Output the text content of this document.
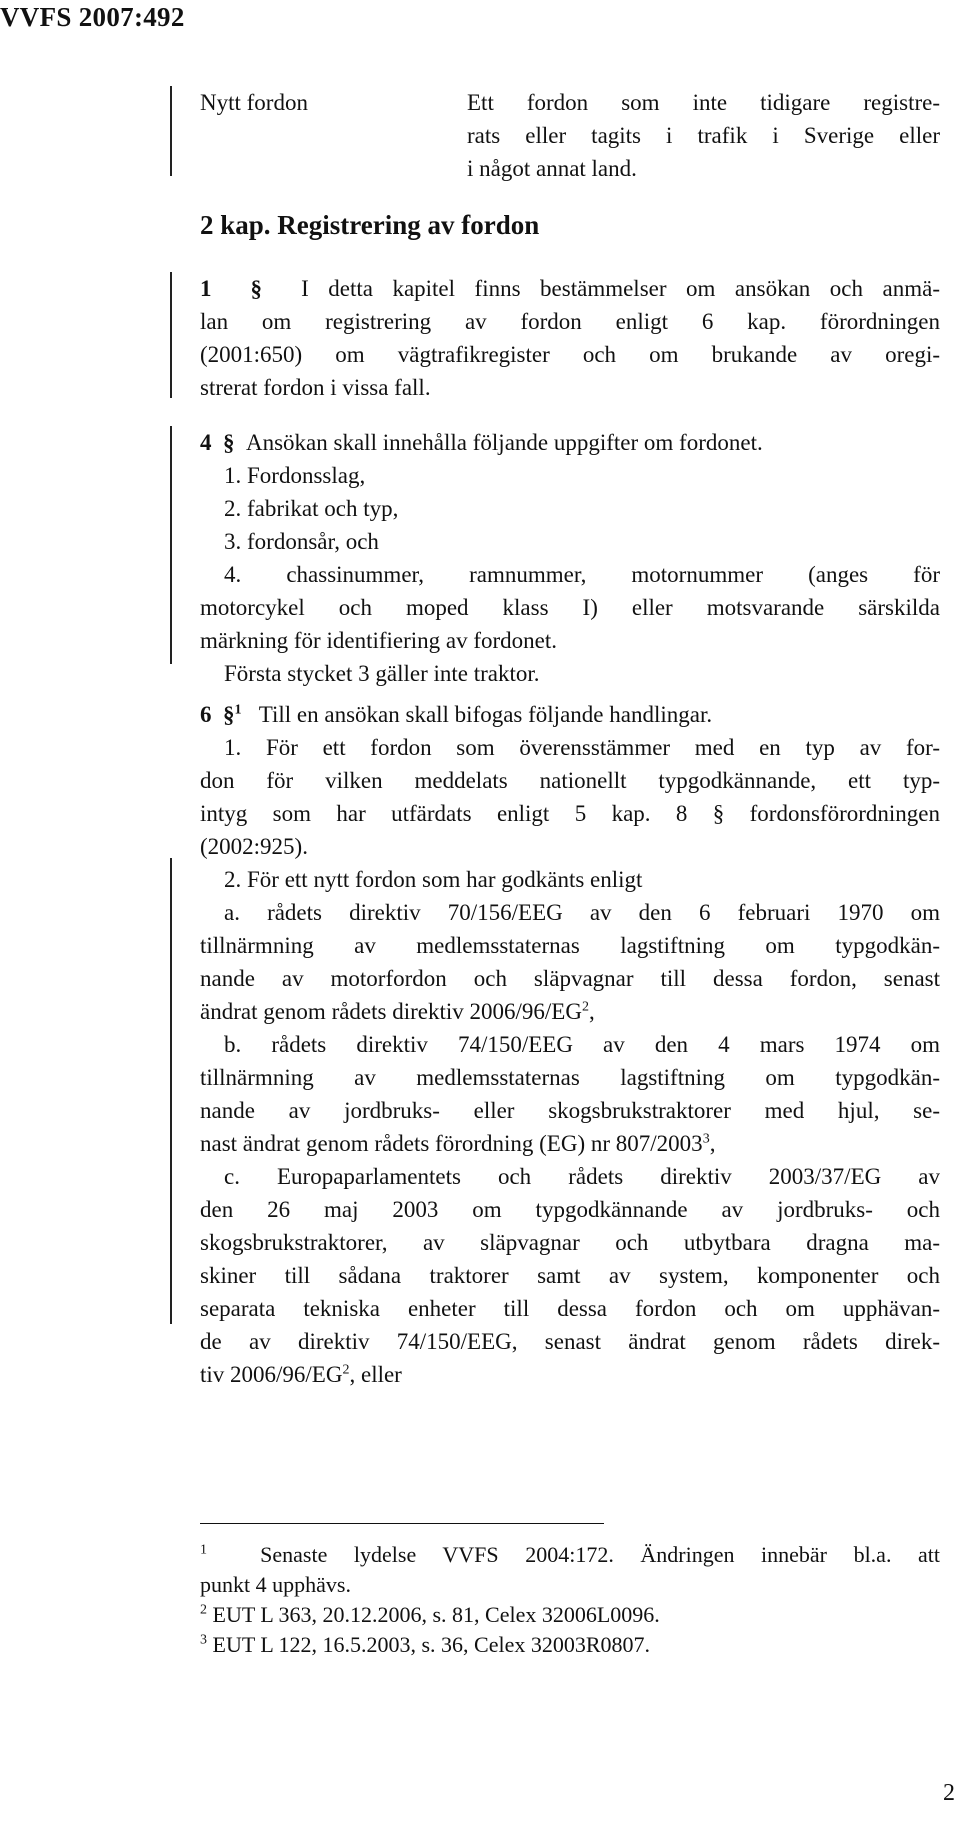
VVFS 2007:492
Nytt fordon	Ett fordon som inte tidigare registre-
rats eller tagits i trafik i Sverige eller
i något annat land.
2 kap. Registrering av fordon
1 § I detta kapitel finns bestämmelser om ansökan och anmä-
lan om registrering av fordon enligt 6 kap. förordningen
(2001:650) om vägtrafikregister och om brukande av oregi-
strerat fordon i vissa fall.
4 § Ansökan skall innehålla följande uppgifter om fordonet.
1. Fordonsslag,
2. fabrikat och typ,
3. fordonsår, och
4. chassinummer, ramnummer, motornummer (anges för
motorcykel och moped klass I) eller motsvarande särskilda
märkning för identifiering av fordonet.
Första stycket 3 gäller inte traktor.
6 §$^1$ Till en ansökan skall bifogas följande handlingar.
1. För ett fordon som överensstämmer med en typ av for-
don för vilken meddelats nationellt typgodkännande, ett typ-
intyg som har utfärdats enligt 5 kap. 8 § fordonsförordningen
(2002:925).
2. För ett nytt fordon som har godkänts enligt
a. rådets direktiv 70/156/EEG av den 6 februari 1970 om
tillnärmning av medlemsstaternas lagstiftning om typgodkän-
nande av motorfordon och släpvagnar till dessa fordon, senast
ändrat genom rådets direktiv $2006/96/EG^2$,
b. rådets direktiv 74/150/EEG av den 4 mars 1974 om
tillnärmning av medlemsstaternas lagstiftning om typgodkän-
nande av jordbruks- eller skogsbrukstraktorer med hjul, se-
nast ändrat genom rådets förordning (EG) nr 807/2003$^3$,
c. Europaparlamentets och rådets direktiv 2003/37/EG av
den 26 maj 2003 om typgodkännande av jordbruks- och
skogsbrukstraktorer, av släpvagnar och utbytbara dragna ma-
skiner till sådana traktorer samt av system, komponenter och
separata tekniska enheter till dessa fordon och om upphävan-
de av direktiv 74/150/EEG, senast ändrat genom rådets direk-
tiv $2006/96/EG^2$, eller
$^1$ Senaste lydelse VVFS 2004:172. Ändringen innebär bl.a. att
punkt 4 upphävs.
$^2$ EUT L 363, 20.12.2006, s. 81, Celex 32006L0096.
$^3$ EUT L 122, 16.5.2003, s. 36, Celex 32003R0807.
2
